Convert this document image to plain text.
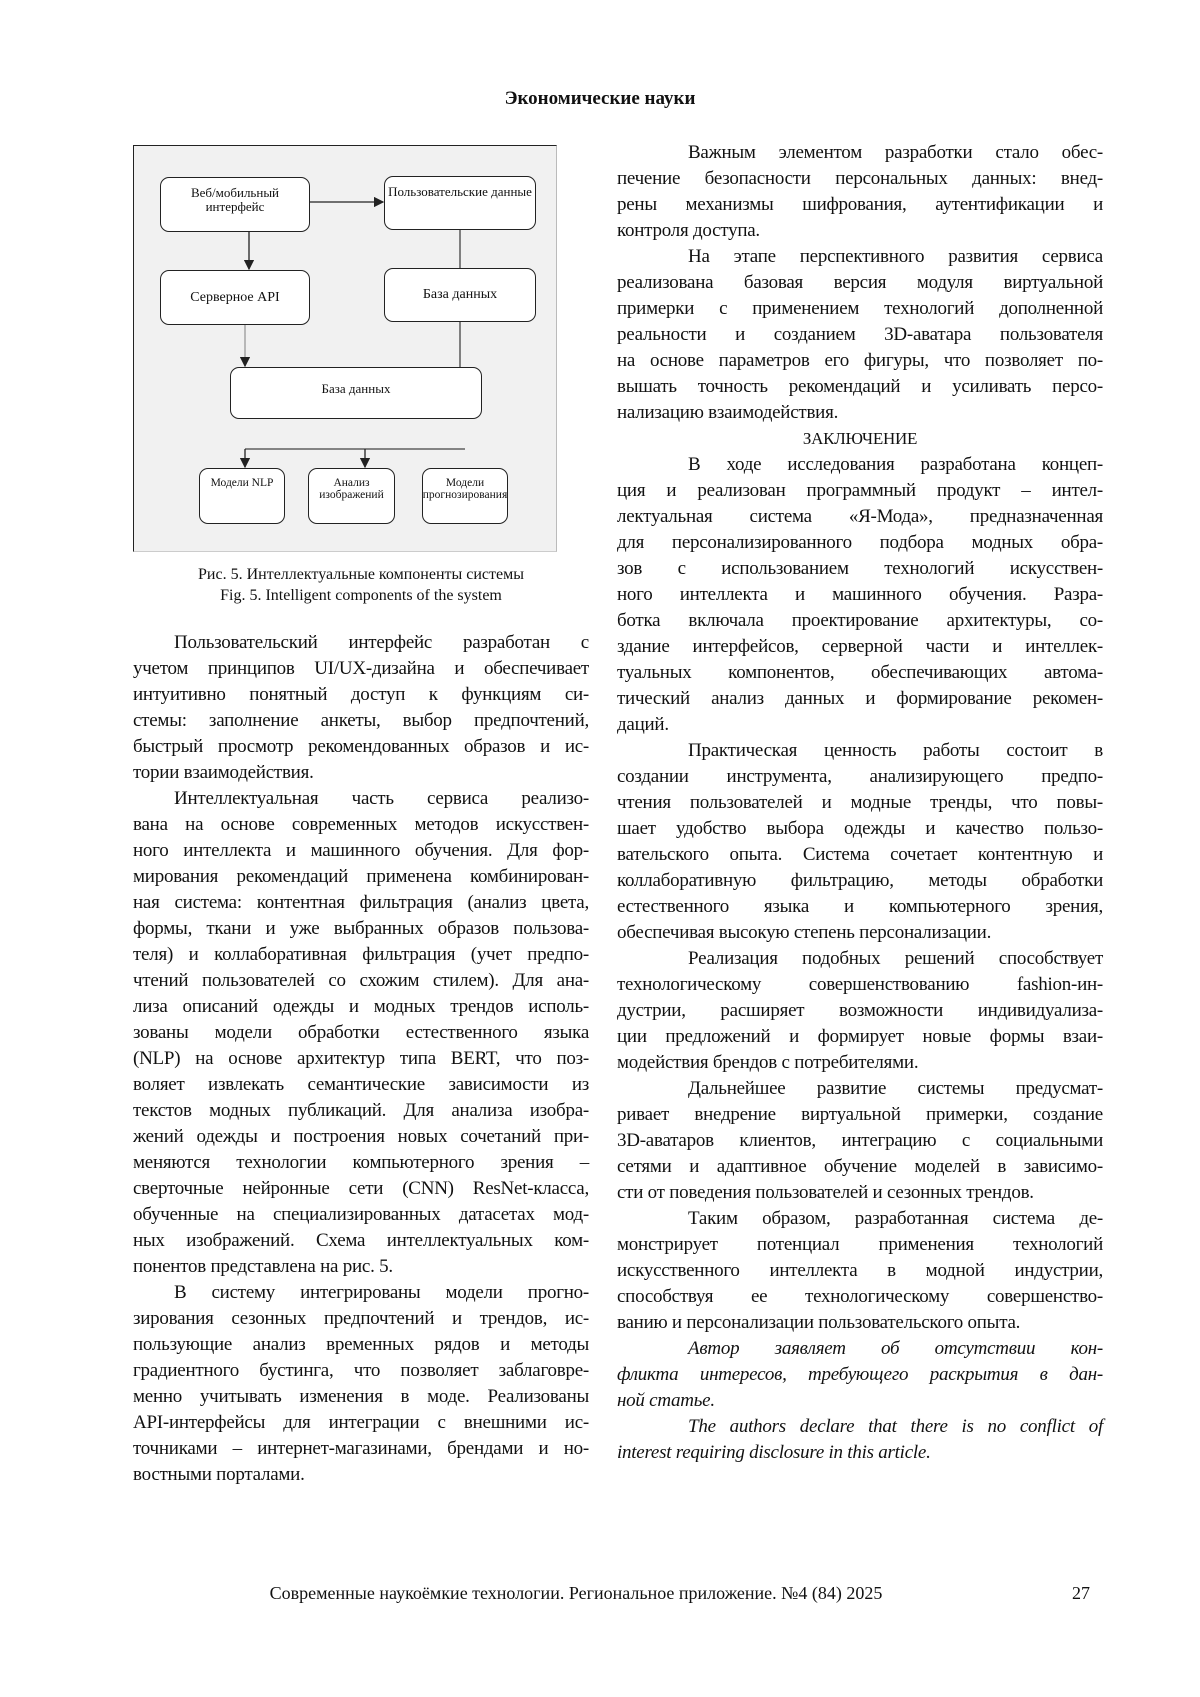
Экономические науки
Веб/мобильный интерфейс
Пользовательские данные
Серверное API	База данных
База данных
Модели NLP	Анализ изображений
Модели прогнозирования
Рис. 5. Интеллектуальные компоненты системы
Fig. 5. Intelligent components of the system
Пользовательский интерфейс разработан с
учетом принципов UI/UX-дизайна и обеспечивает
интуитивно понятный доступ к функциям си-
стемы: заполнение анкеты, выбор предпочтений,
быстрый просмотр рекомендованных образов и ис-
тории взаимодействия.
Интеллектуальная часть сервиса реализо-
вана на основе современных методов искусствен-
ного интеллекта и машинного обучения. Для фор-
мирования рекомендаций применена комбинирован-
ная система: контентная фильтрация (анализ цвета,
формы, ткани и уже выбранных образов пользова-
теля) и коллаборативная фильтрация (учет предпо-
чтений пользователей со схожим стилем). Для ана-
лиза описаний одежды и модных трендов исполь-
зованы модели обработки естественного языка
(NLP) на основе архитектур типа BERT, что поз-
воляет извлекать семантические зависимости из
текстов модных публикаций. Для анализа изобра-
жений одежды и построения новых сочетаний при-
меняются технологии компьютерного зрения –
сверточные нейронные сети (CNN) ResNet-класса,
обученные на специализированных датасетах мод-
ных изображений. Схема интеллектуальных ком-
понентов представлена на рис. 5.
В систему интегрированы модели прогно-
зирования сезонных предпочтений и трендов, ис-
пользующие анализ временных рядов и методы
градиентного бустинга, что позволяет заблаговре-
менно учитывать изменения в моде. Реализованы
API-интерфейсы для интеграции с внешними ис-
точниками – интернет-магазинами, брендами и но-
востными порталами.
Важным элементом разработки стало обес-
печение безопасности персональных данных: внед-
рены механизмы шифрования, аутентификации и
контроля доступа.
На этапе перспективного развития сервиса
реализована базовая версия модуля виртуальной
примерки с применением технологий дополненной
реальности и созданием 3D-аватара пользователя
на основе параметров его фигуры, что позволяет по-
вышать точность рекомендаций и усиливать персо-
нализацию взаимодействия.
ЗАКЛЮЧЕНИЕ
В ходе исследования разработана концеп-
ция и реализован программный продукт – интел-
лектуальная система «Я-Мода», предназначенная
для персонализированного подбора модных обра-
зов с использованием технологий искусствен-
ного интеллекта и машинного обучения. Разра-
ботка включала проектирование архитектуры, со-
здание интерфейсов, серверной части и интеллек-
туальных компонентов, обеспечивающих автома-
тический анализ данных и формирование рекомен-
даций.
Практическая ценность работы состоит в
создании инструмента, анализирующего предпо-
чтения пользователей и модные тренды, что повы-
шает удобство выбора одежды и качество пользо-
вательского опыта. Система сочетает контентную и
коллаборативную фильтрацию, методы обработки
естественного языка и компьютерного зрения,
обеспечивая высокую степень персонализации.
Реализация подобных решений способствует
технологическому совершенствованию fashion-ин-
дустрии, расширяет возможности индивидуализа-
ции предложений и формирует новые формы взаи-
модействия брендов с потребителями.
Дальнейшее развитие системы предусмат-
ривает внедрение виртуальной примерки, создание
3D-аватаров клиентов, интеграцию с социальными
сетями и адаптивное обучение моделей в зависимо-
сти от поведения пользователей и сезонных трендов.
Таким образом, разработанная система де-
монстрирует потенциал применения технологий
искусственного интеллекта в модной индустрии,
способствуя ее технологическому совершенство-
ванию и персонализации пользовательского опыта.
Автор заявляет об отсутствии кон-
фликта интересов, требующего раскрытия в дан-
ной статье.
The authors declare that there is no conflict of
interest requiring disclosure in this article.
Современные наукоёмкие технологии. Региональное приложение. №4 (84) 2025	27
